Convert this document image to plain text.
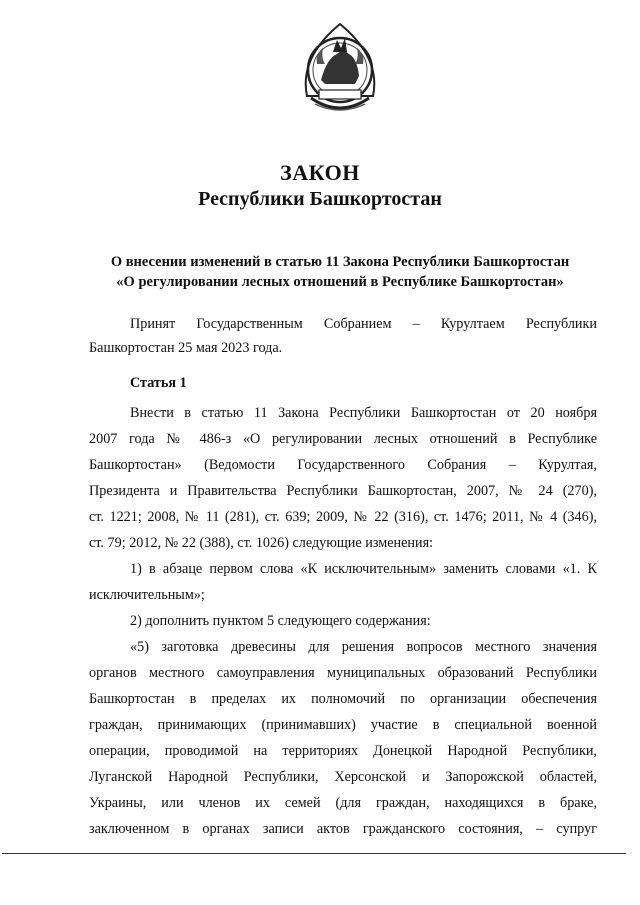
ЗАКОН
Республики Башкортостан
О внесении изменений в статью 11 Закона Республики Башкортостан
«О регулировании лесных отношений в Республике Башкортостан»
Принят Государственным Собранием – Курултаем Республики
Башкортостан 25 мая 2023 года.
Статья 1
Внести в статью 11 Закона Республики Башкортостан от 20 ноября
2007 года № 486-з «О регулировании лесных отношений в Республике
Башкортостан» (Ведомости Государственного Собрания – Курултая,
Президента и Правительства Республики Башкортостан, 2007, № 24 (270),
ст. 1221; 2008, № 11 (281), ст. 639; 2009, № 22 (316), ст. 1476; 2011, № 4 (346),
ст. 79; 2012, № 22 (388), ст. 1026) следующие изменения:
1) в абзаце первом слова «К исключительным» заменить словами «1. К
исключительным»;
2) дополнить пунктом 5 следующего содержания:
«5) заготовка древесины для решения вопросов местного значения
органов местного самоуправления муниципальных образований Республики
Башкортостан в пределах их полномочий по организации обеспечения
граждан, принимающих (принимавших) участие в специальной военной
операции, проводимой на территориях Донецкой Народной Республики,
Луганской Народной Республики, Херсонской и Запорожской областей,
Украины, или членов их семей (для граждан, находящихся в браке,
заключенном в органах записи актов гражданского состояния, – супруг
